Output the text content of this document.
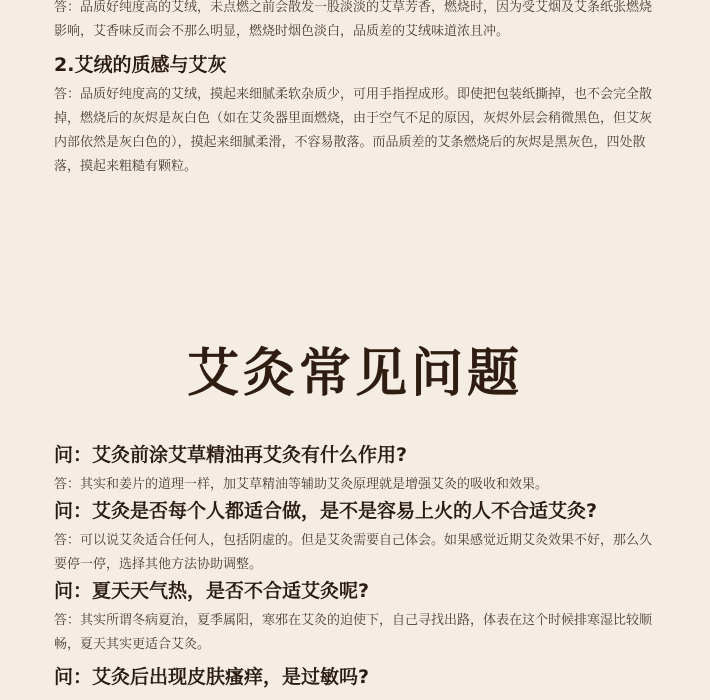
答：品质好纯度高的艾绒，未点燃之前会散发一股淡淡的艾草芳香，燃烧时，因为受艾烟及艾条纸张燃烧影响，艾香味反而会不那么明显，燃烧时烟色淡白，品质差的艾绒味道浓且冲。

2.艾绒的质感与艾灰

答：品质好纯度高的艾绒，摸起来细腻柔软杂质少，可用手指捏成形。即使把包装纸撕掉，也不会完全散掉，燃烧后的灰烬是灰白色（如在艾灸器里面燃烧，由于空气不足的原因，灰烬外层会稍微黑色，但艾灰内部依然是灰白色的），摸起来细腻柔滑，不容易散落。而品质差的艾条燃烧后的灰烬是黑灰色，四处散落，摸起来粗糙有颗粒。

艾灸常见问题
问：艾灸前涂艾草精油再艾灸有什么作用?

答：其实和姜片的道理一样，加艾草精油等辅助艾灸原理就是增强艾灸的吸收和效果。

问：艾灸是否每个人都适合做，是不是容易上火的人不合适艾灸?

答：可以说艾灸适合任何人，包括阴虚的。但是艾灸需要自己体会。如果感觉近期艾灸效果不好，那么久要停一停，选择其他方法协助调整。

问：夏天天气热，是否不合适艾灸呢?

答：其实所谓冬病夏治，夏季属阳，寒邪在艾灸的迫使下，自己寻找出路，体表在这个时候排寒湿比较顺畅，夏天其实更适合艾灸。

问：艾灸后出现皮肤瘙痒，是过敏吗?
